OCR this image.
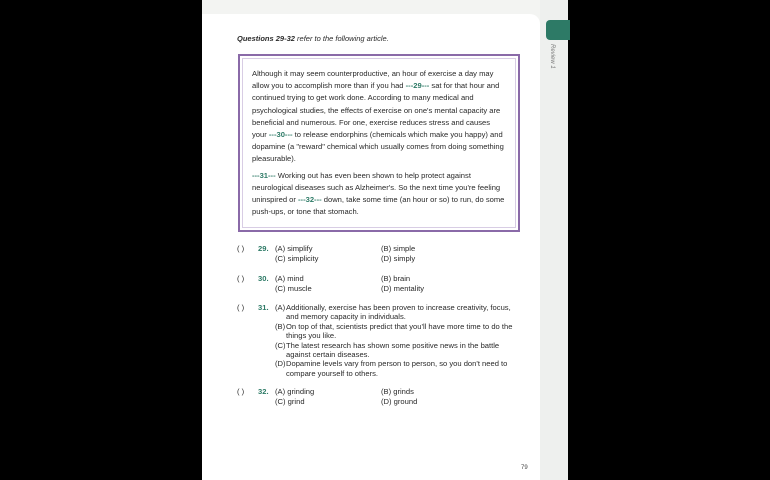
Review 1
Questions 29-32 refer to the following article.

Although it may seem counterproductive, an hour of exercise a day may allow you to accomplish more than if you had ---29--- sat for that hour and continued trying to get work done. According to many medical and psychological studies, the effects of exercise on one's mental capacity are beneficial and numerous. For one, exercise reduces stress and causes your ---30--- to release endorphins (chemicals which make you happy) and dopamine (a "reward" chemical which usually comes from doing something pleasurable).

---31--- Working out has even been shown to help protect against neurological diseases such as Alzheimer's. So the next time you're feeling uninspired or ---32--- down, take some time (an hour or so) to run, do some push-ups, or tone that stomach.

( ) 29. (A) simplify	(B) simple
(C) simplicity	(D) simply
( ) 30. (A) mind	(B) brain
(C) muscle	(D) mentality
( ) 31. (A) Additionally, exercise has been proven to increase creativity, focus, and memory capacity in individuals.
(B) On top of that, scientists predict that you'll have more time to do the things you like.
(C) The latest research has shown some positive news in the battle against certain diseases.
(D) Dopamine levels vary from person to person, so you don't need to compare yourself to others.
( ) 32. (A) grinding	(B) grinds
(C) grind	(D) ground
79
